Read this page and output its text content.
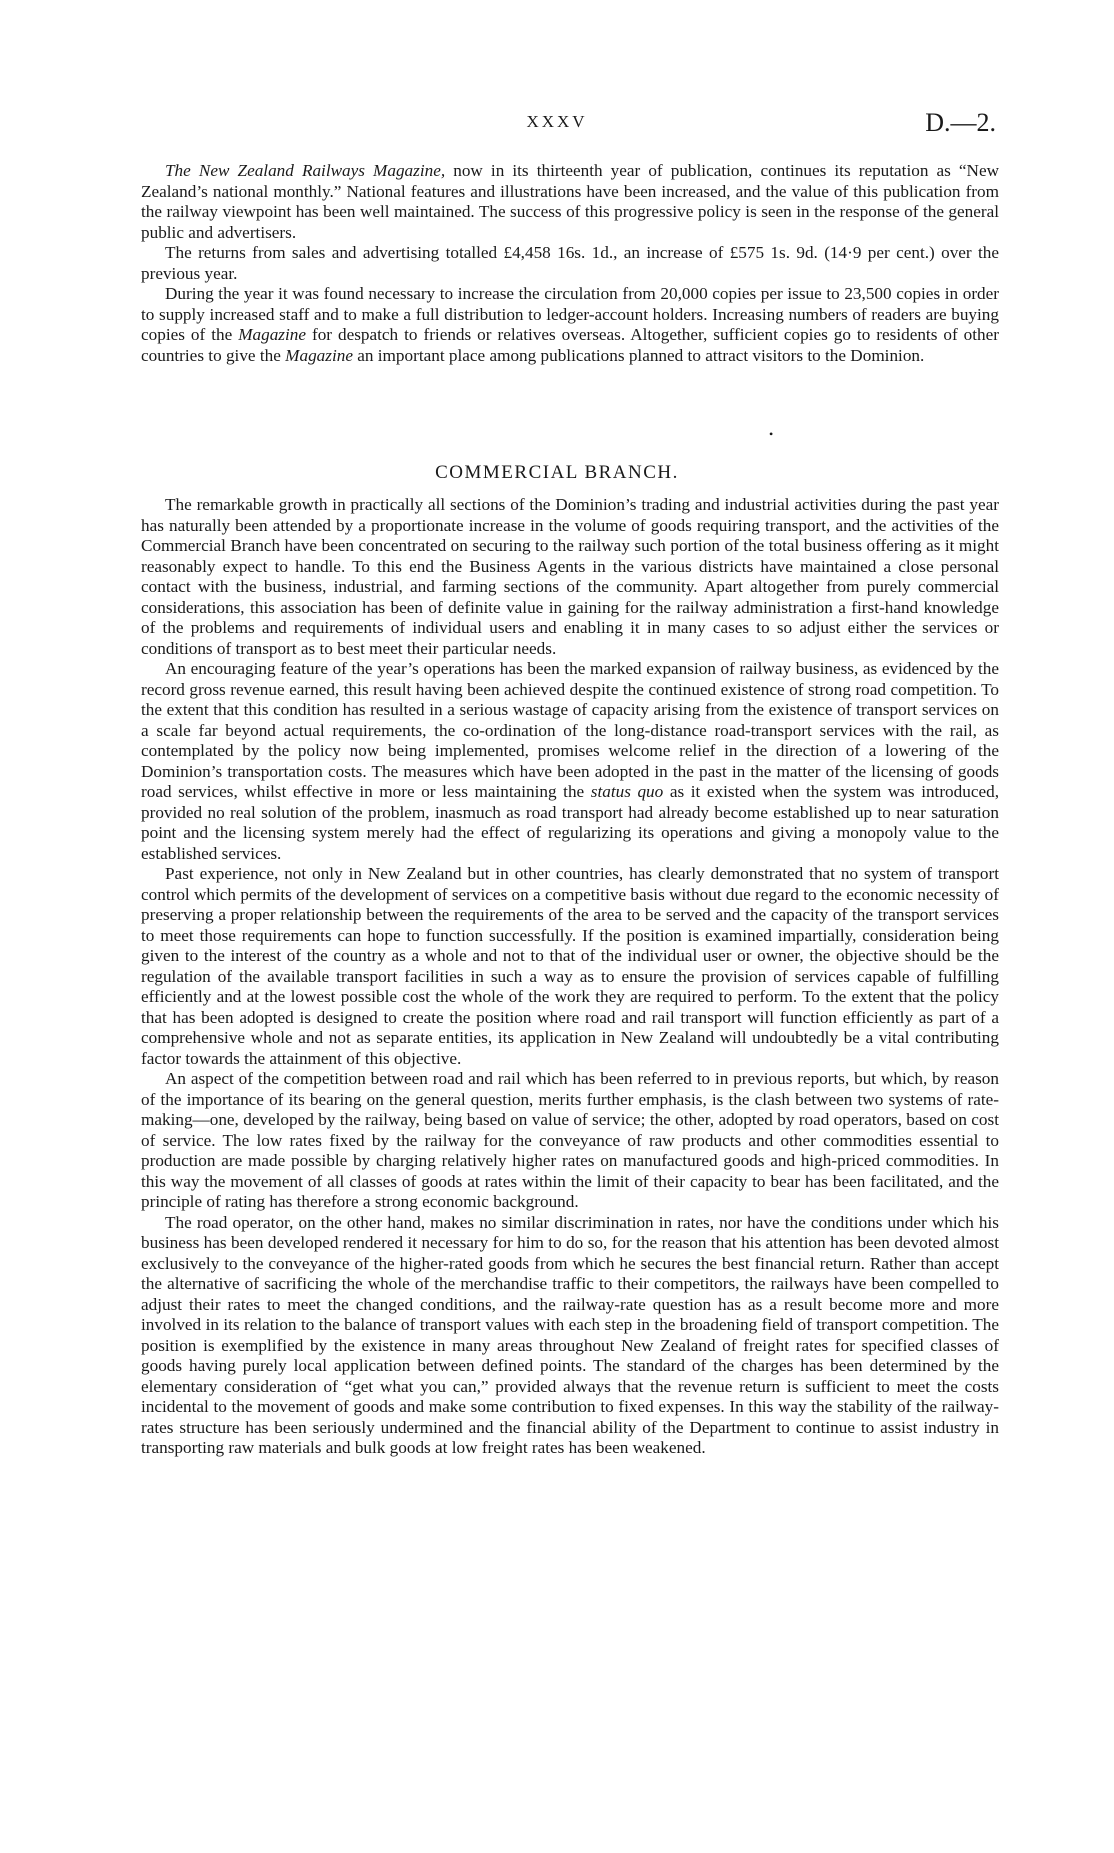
XXXV	D.—2.

The New Zealand Railways Magazine, now in its thirteenth year of publication, continues its reputation as “New Zealand’s national monthly.” National features and illustrations have been increased, and the value of this publication from the railway viewpoint has been well maintained. The success of this progressive policy is seen in the response of the general public and advertisers.

The returns from sales and advertising totalled £4,458 16s. 1d., an increase of £575 1s. 9d. (14·9 per cent.) over the previous year.

During the year it was found necessary to increase the circulation from 20,000 copies per issue to 23,500 copies in order to supply increased staff and to make a full distribution to ledger-account holders. Increasing numbers of readers are buying copies of the Magazine for despatch to friends or relatives overseas. Altogether, sufficient copies go to residents of other countries to give the Magazine an important place among publications planned to attract visitors to the Dominion.

•
COMMERCIAL BRANCH.

The remarkable growth in practically all sections of the Dominion’s trading and industrial activities during the past year has naturally been attended by a proportionate increase in the volume of goods requiring transport, and the activities of the Commercial Branch have been concentrated on securing to the railway such portion of the total business offering as it might reasonably expect to handle. To this end the Business Agents in the various districts have maintained a close personal contact with the business, industrial, and farming sections of the community. Apart altogether from purely commercial considerations, this association has been of definite value in gaining for the railway administration a first-hand knowledge of the problems and requirements of individual users and enabling it in many cases to so adjust either the services or conditions of transport as to best meet their particular needs.

An encouraging feature of the year’s operations has been the marked expansion of railway business, as evidenced by the record gross revenue earned, this result having been achieved despite the continued existence of strong road competition. To the extent that this condition has resulted in a serious wastage of capacity arising from the existence of transport services on a scale far beyond actual requirements, the co-ordination of the long-distance road-transport services with the rail, as contemplated by the policy now being implemented, promises welcome relief in the direction of a lowering of the Dominion’s transportation costs. The measures which have been adopted in the past in the matter of the licensing of goods road services, whilst effective in more or less maintaining the status quo as it existed when the system was introduced, provided no real solution of the problem, inasmuch as road transport had already become established up to near saturation point and the licensing system merely had the effect of regularizing its operations and giving a monopoly value to the established services.

Past experience, not only in New Zealand but in other countries, has clearly demonstrated that no system of transport control which permits of the development of services on a competitive basis without due regard to the economic necessity of preserving a proper relationship between the requirements of the area to be served and the capacity of the transport services to meet those requirements can hope to function successfully. If the position is examined impartially, consideration being given to the interest of the country as a whole and not to that of the individual user or owner, the objective should be the regulation of the available transport facilities in such a way as to ensure the provision of services capable of fulfilling efficiently and at the lowest possible cost the whole of the work they are required to perform. To the extent that the policy that has been adopted is designed to create the position where road and rail transport will function efficiently as part of a comprehensive whole and not as separate entities, its application in New Zealand will undoubtedly be a vital contributing factor towards the attainment of this objective.

An aspect of the competition between road and rail which has been referred to in previous reports, but which, by reason of the importance of its bearing on the general question, merits further emphasis, is the clash between two systems of rate-making—one, developed by the railway, being based on value of service; the other, adopted by road operators, based on cost of service. The low rates fixed by the railway for the conveyance of raw products and other commodities essential to production are made possible by charging relatively higher rates on manufactured goods and high-priced commodities. In this way the movement of all classes of goods at rates within the limit of their capacity to bear has been facilitated, and the principle of rating has therefore a strong economic background.

The road operator, on the other hand, makes no similar discrimination in rates, nor have the conditions under which his business has been developed rendered it necessary for him to do so, for the reason that his attention has been devoted almost exclusively to the conveyance of the higher-rated goods from which he secures the best financial return. Rather than accept the alternative of sacrificing the whole of the merchandise traffic to their competitors, the railways have been compelled to adjust their rates to meet the changed conditions, and the railway-rate question has as a result become more and more involved in its relation to the balance of transport values with each step in the broadening field of transport competition. The position is exemplified by the existence in many areas throughout New Zealand of freight rates for specified classes of goods having purely local application between defined points. The standard of the charges has been determined by the elementary consideration of “get what you can,” provided always that the revenue return is sufficient to meet the costs incidental to the movement of goods and make some contribution to fixed expenses. In this way the stability of the railway-rates structure has been seriously undermined and the financial ability of the Department to continue to assist industry in transporting raw materials and bulk goods at low freight rates has been weakened.
